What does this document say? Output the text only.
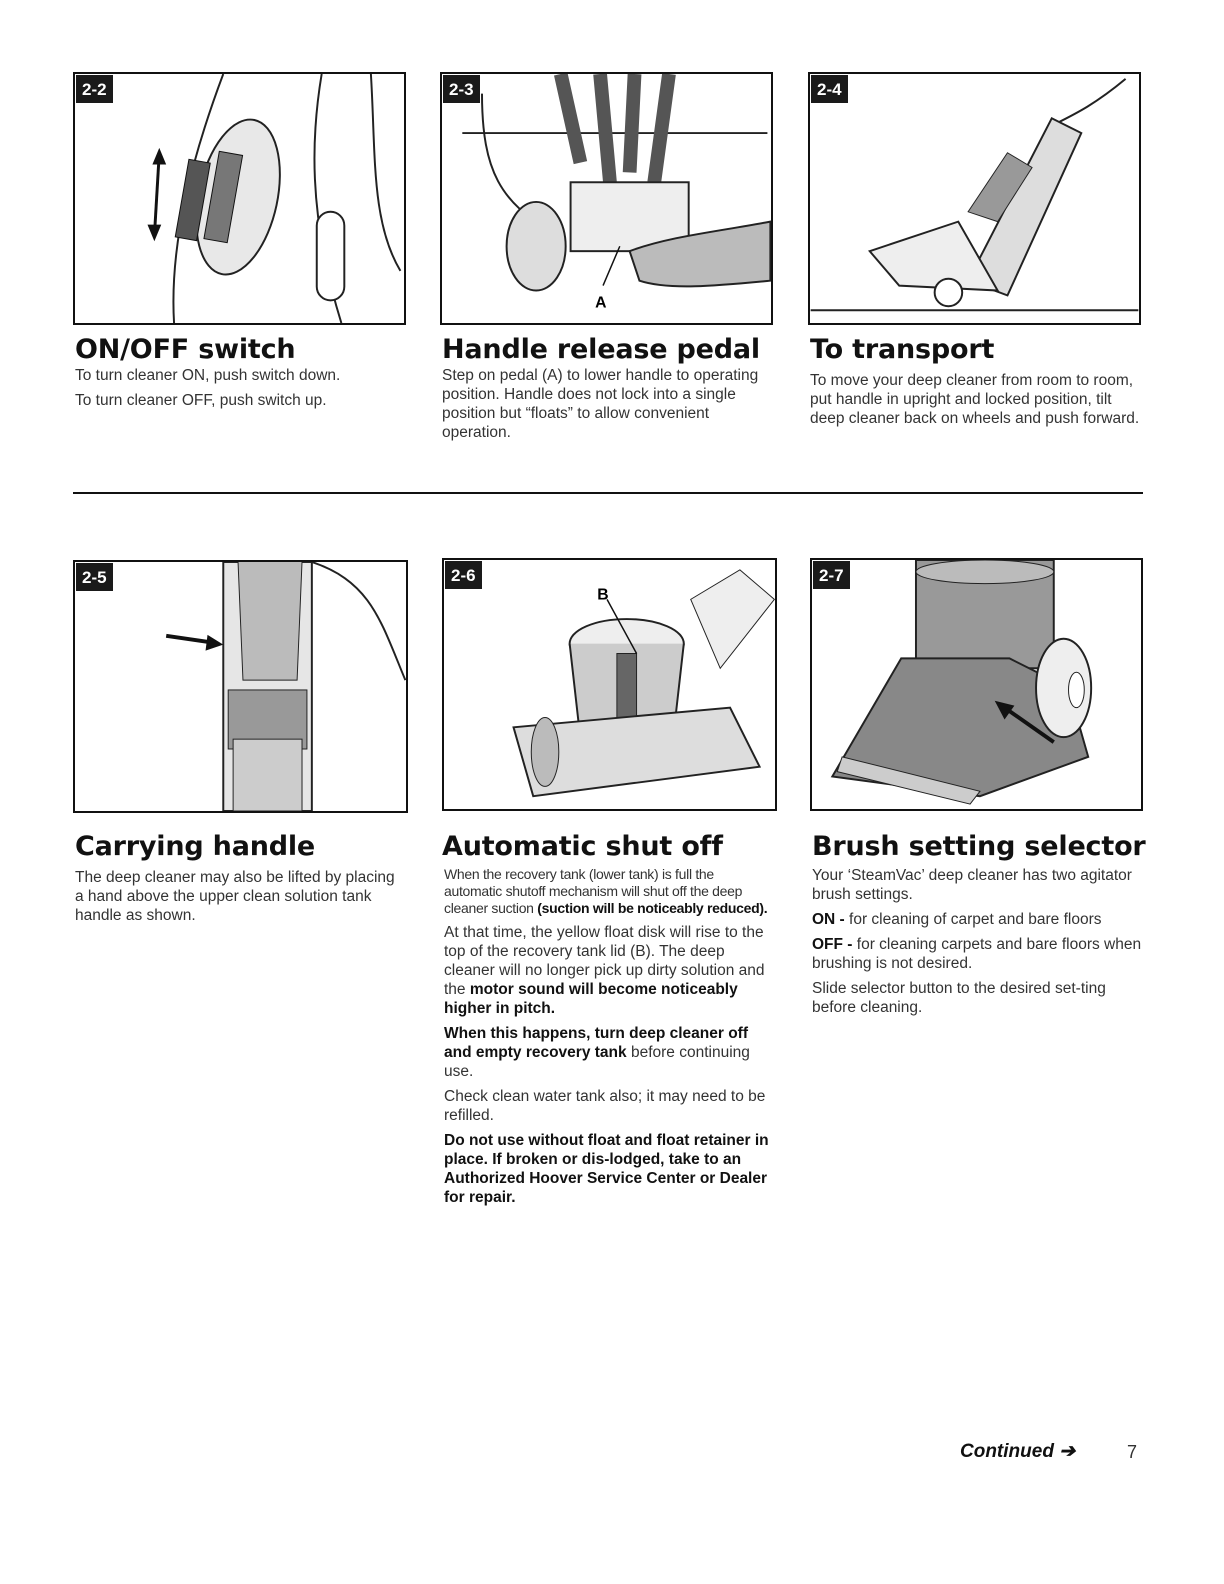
2-2
A
2-3	2-4
ON/OFF switch

To turn cleaner ON, push switch down.

To turn cleaner OFF, push switch up.

Handle release pedal

Step on pedal (A) to lower handle to operating position. Handle does not lock into a single position but “floats” to allow convenient operation.

To transport

To move your deep cleaner from room to room, put handle in upright and locked position, tilt deep cleaner back on wheels and push forward.

2-5
B
2-6	2-7
Carrying handle

The deep cleaner may also be lifted by placing a hand above the upper clean solution tank handle as shown.

Automatic shut off

When the recovery tank (lower tank) is full the automatic shutoff mechanism will shut off the deep cleaner suction (suction will be noticeably reduced).

At that time, the yellow float disk will rise to the top of the recovery tank lid (B). The deep cleaner will no longer pick up dirty solution and the motor sound will become noticeably higher in pitch.

When this happens, turn deep cleaner off and empty recovery tank before continuing use.

Check clean water tank also; it may need to be refilled.

Do not use without float and float retainer in place. If broken or dis-lodged, take to an Authorized Hoover Service Center or Dealer for repair.

Brush setting selector

Your ‘SteamVac’ deep cleaner has two agitator brush settings.

ON - for cleaning of carpet and bare floors

OFF - for cleaning carpets and bare floors when brushing is not desired.

Slide selector button to the desired set-ting before cleaning.

Continued ➔	7
